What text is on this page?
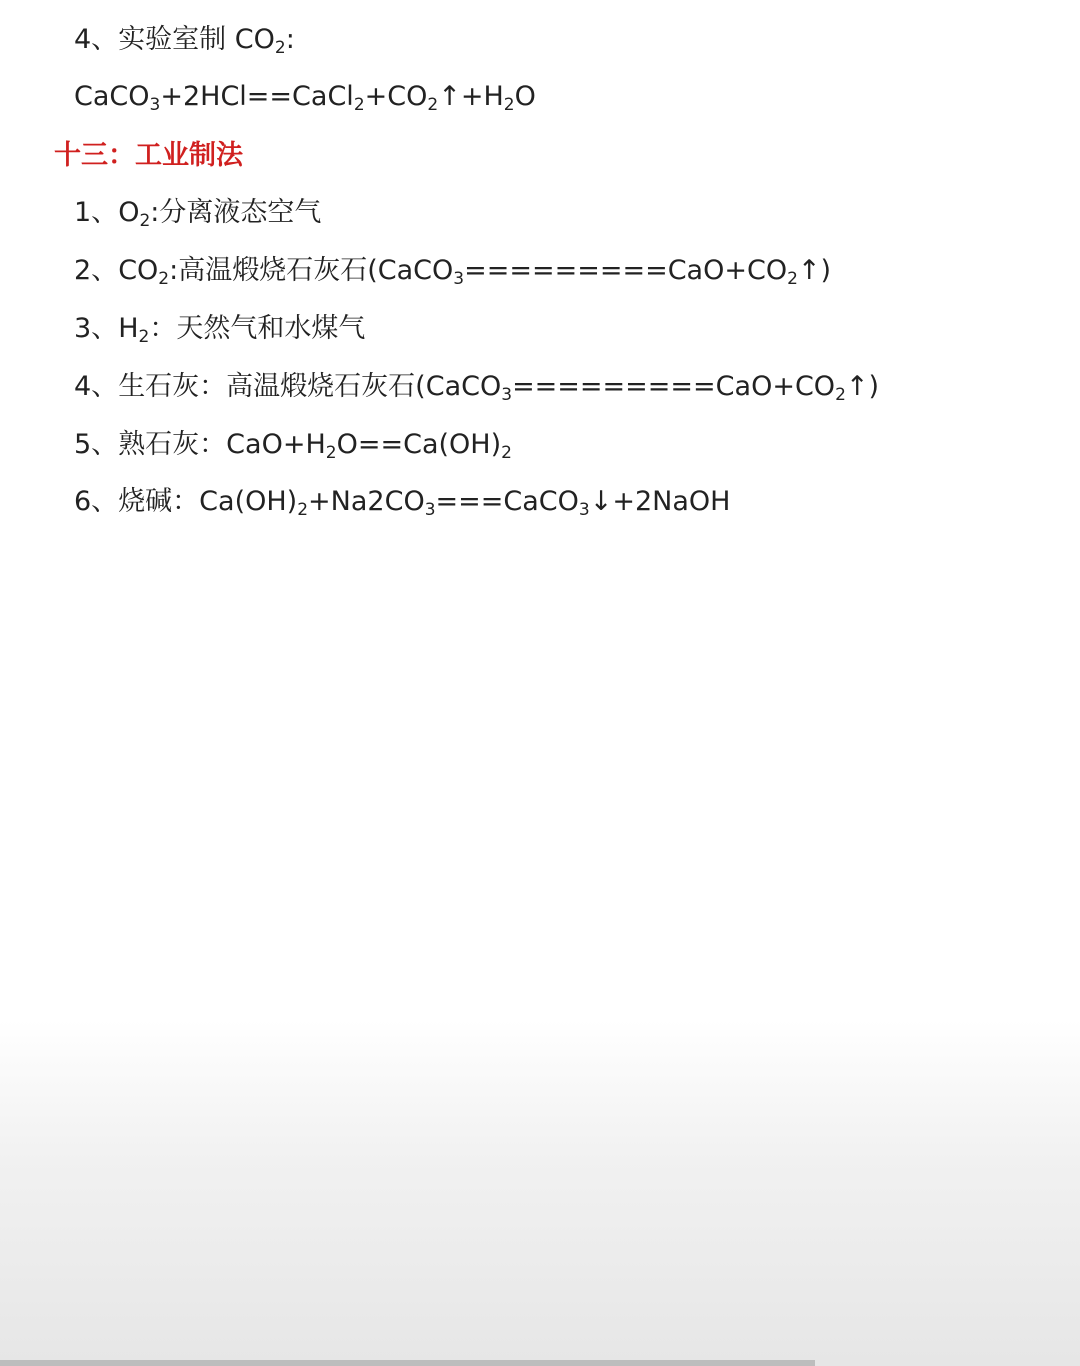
4、实验室制 $CO_2$:
$CaCO_3+2HCl==CaCl_2+CO_2↑+H_2O$
十三：工业制法
1、$O_2$:分离液态空气
2、$CO_2$:高温煅烧石灰石$(CaCO_3=========CaO+CO_2↑)$
3、$H_2$：天然气和水煤气
4、生石灰：高温煅烧石灰石$(CaCO_3=========CaO+CO_2↑)$
5、熟石灰：$CaO+H_2O==Ca(OH)_2$
6、烧碱：$Ca(OH)_2+Na2CO_3===CaCO_3↓+2NaOH$
